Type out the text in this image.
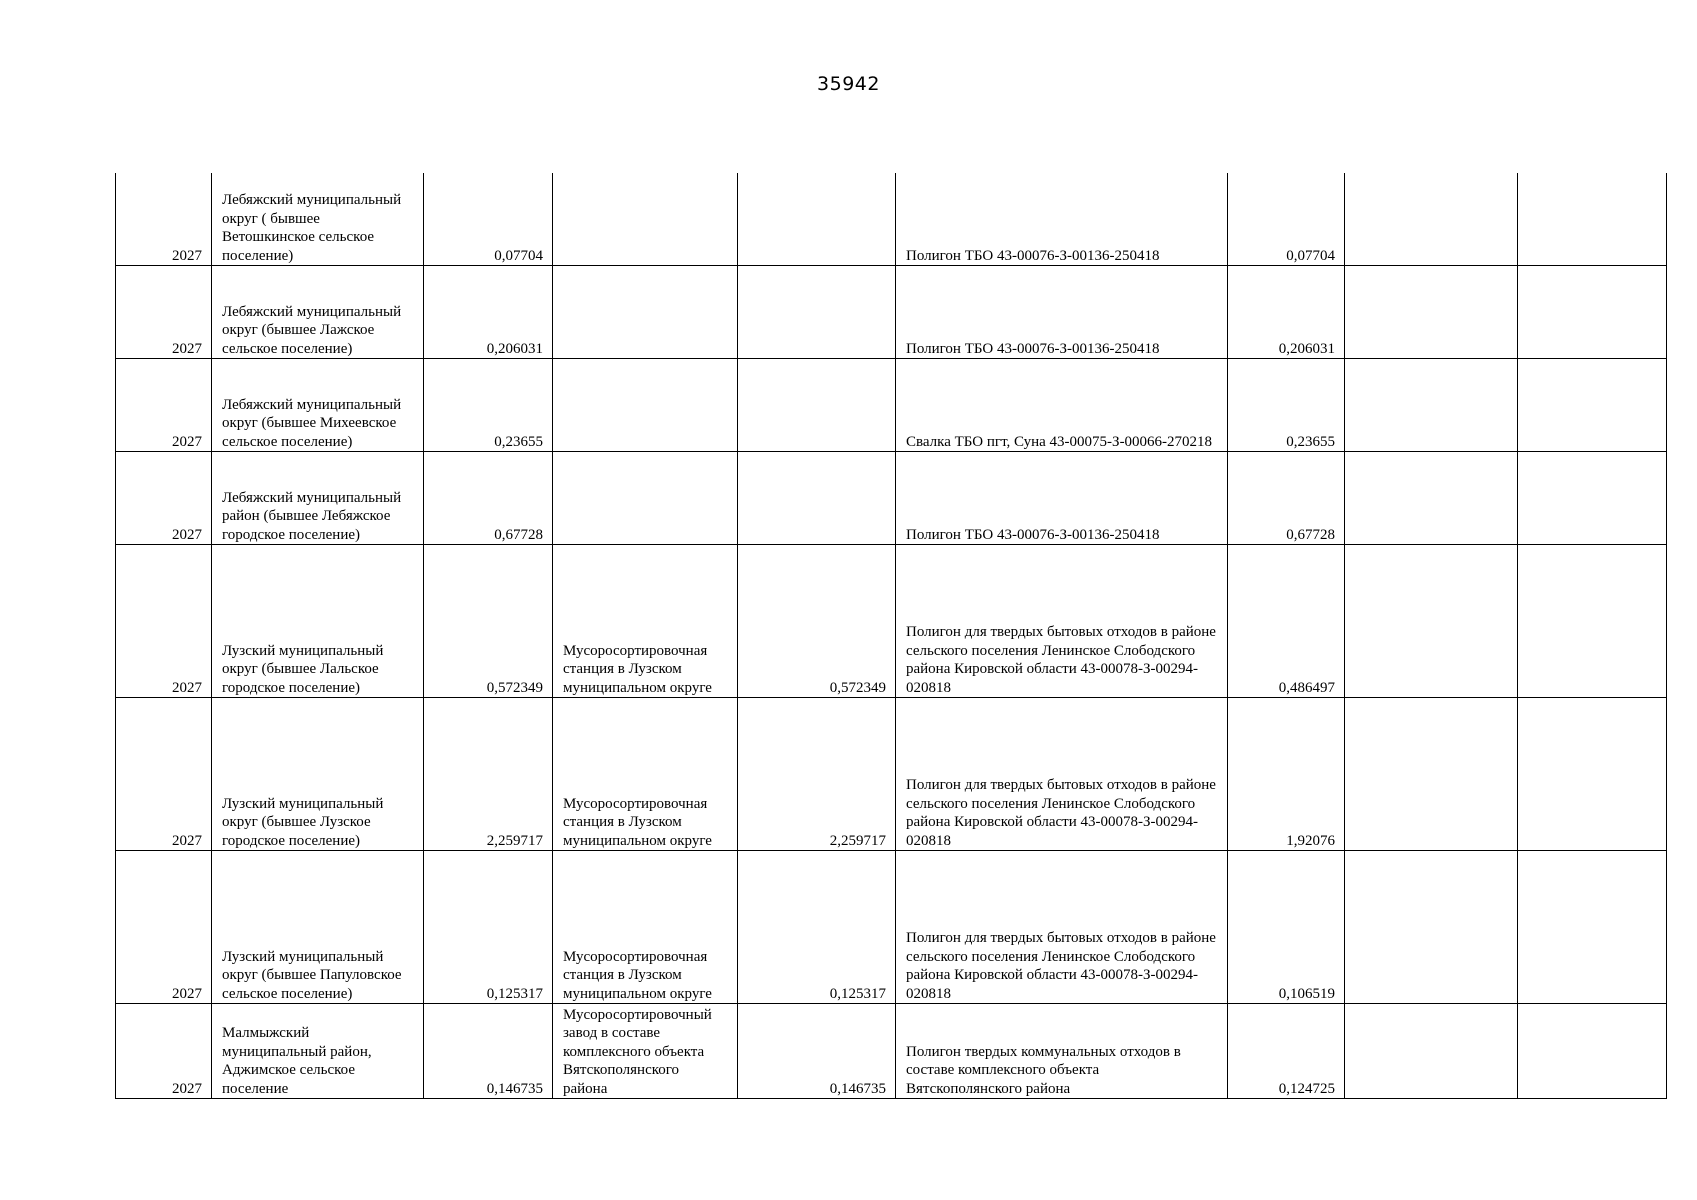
35942
2027	Лебяжский муниципальный округ ( бывшее Ветошкинское сельское поселение)	0,07704			Полигон ТБО 43-00076-З-00136-250418	0,07704		
2027	Лебяжский муниципальный округ (бывшее Лажское сельское поселение)	0,206031			Полигон ТБО 43-00076-З-00136-250418	0,206031		
2027	Лебяжский муниципальный округ (бывшее Михеевское сельское поселение)	0,23655			Свалка ТБО пгт, Суна 43-00075-З-00066-270218	0,23655		
2027	Лебяжский муниципальный район (бывшее Лебяжское городское поселение)	0,67728			Полигон ТБО 43-00076-З-00136-250418	0,67728		
2027	Лузский муниципальный округ (бывшее Лальское городское поселение)	0,572349	Мусоросортировочная станция в Лузском муниципальном округе	0,572349	Полигон для твердых бытовых отходов в районе сельского поселения Ленинское Слободского района Кировской области 43-00078-З-00294-020818	0,486497		
2027	Лузский муниципальный округ (бывшее Лузское городское поселение)	2,259717	Мусоросортировочная станция в Лузском муниципальном округе	2,259717	Полигон для твердых бытовых отходов в районе сельского поселения Ленинское Слободского района Кировской области 43-00078-З-00294-020818	1,92076		
2027	Лузский муниципальный округ (бывшее Папуловское сельское поселение)	0,125317	Мусоросортировочная станция в Лузском муниципальном округе	0,125317	Полигон для твердых бытовых отходов в районе сельского поселения Ленинское Слободского района Кировской области 43-00078-З-00294-020818	0,106519		
2027	Малмыжский муниципальный район, Аджимское сельское поселение	0,146735	Мусоросортировочный завод в составе комплексного объекта Вятскополянского района	0,146735	Полигон твердых коммунальных отходов в составе комплексного объекта Вятскополянского района	0,124725		
